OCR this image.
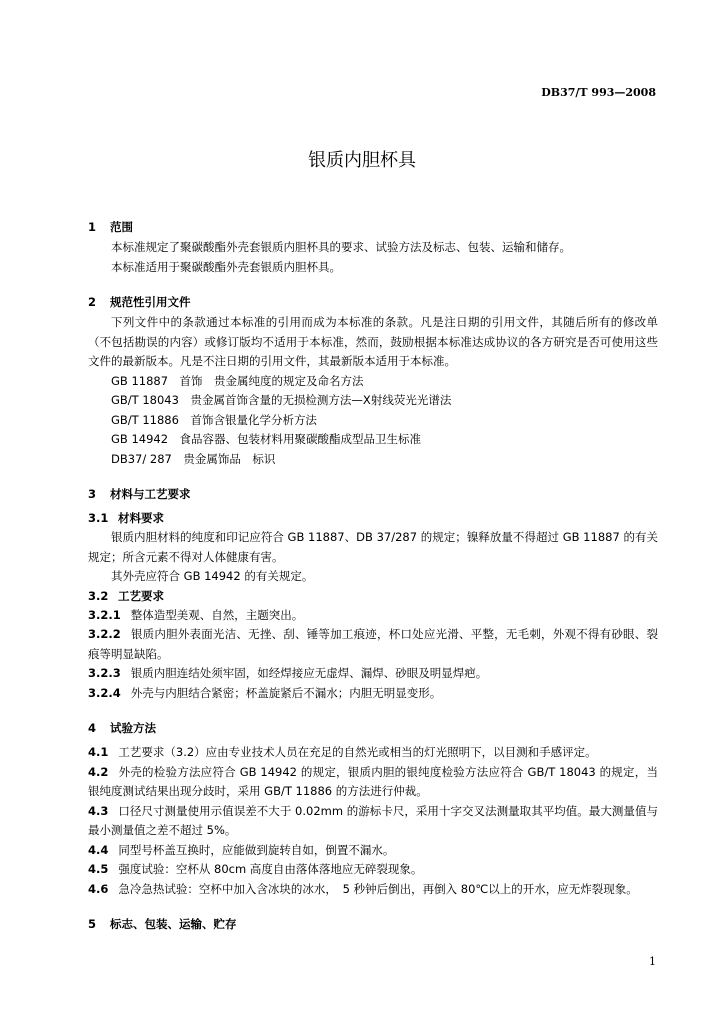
DB37/T 993—2008
银质内胆杯具
1 范围
本标准规定了聚碳酸酯外壳套银质内胆杯具的要求、试验方法及标志、包装、运输和储存。
本标准适用于聚碳酸酯外壳套银质内胆杯具。
2 规范性引用文件
下列文件中的条款通过本标准的引用而成为本标准的条款。凡是注日期的引用文件，其随后所有的修改单（不包括勘误的内容）或修订版均不适用于本标准，然而，鼓励根据本标准达成协议的各方研究是否可使用这些文件的最新版本。凡是不注日期的引用文件，其最新版本适用于本标准。
GB 11887　首饰　贵金属纯度的规定及命名方法
GB/T 18043　贵金属首饰含量的无损检测方法—X射线荧光光谱法
GB/T 11886　首饰含银量化学分析方法
GB 14942　食品容器、包装材料用聚碳酸酯成型品卫生标准
DB37/ 287　贵金属饰品　标识
3 材料与工艺要求
3.1 材料要求
银质内胆材料的纯度和印记应符合 GB 11887、DB 37/287 的规定；镍释放量不得超过 GB 11887 的有关规定；所含元素不得对人体健康有害。
其外壳应符合 GB 14942 的有关规定。
3.2 工艺要求
3.2.1 整体造型美观、自然，主题突出。
3.2.2 银质内胆外表面光洁、无挫、刮、锤等加工痕迹，杯口处应光滑、平整，无毛刺，外观不得有砂眼、裂痕等明显缺陷。
3.2.3 银质内胆连结处须牢固，如经焊接应无虚焊、漏焊、砂眼及明显焊疤。
3.2.4 外壳与内胆结合紧密；杯盖旋紧后不漏水；内胆无明显变形。
4 试验方法
4.1 工艺要求（3.2）应由专业技术人员在充足的自然光或相当的灯光照明下，以目测和手感评定。
4.2 外壳的检验方法应符合 GB 14942 的规定，银质内胆的银纯度检验方法应符合 GB/T 18043 的规定，当银纯度测试结果出现分歧时，采用 GB/T 11886 的方法进行仲裁。
4.3 口径尺寸测量使用示值误差不大于 0.02mm 的游标卡尺，采用十字交叉法测量取其平均值。最大测量值与最小测量值之差不超过 5%。
4.4 同型号杯盖互换时，应能做到旋转自如，倒置不漏水。
4.5 强度试验：空杯从 80cm 高度自由落体落地应无碎裂现象。
4.6 急冷急热试验：空杯中加入含冰块的冰水，　5 秒钟后倒出，再倒入 80℃以上的开水，应无炸裂现象。
5 标志、包装、运输、贮存
1
